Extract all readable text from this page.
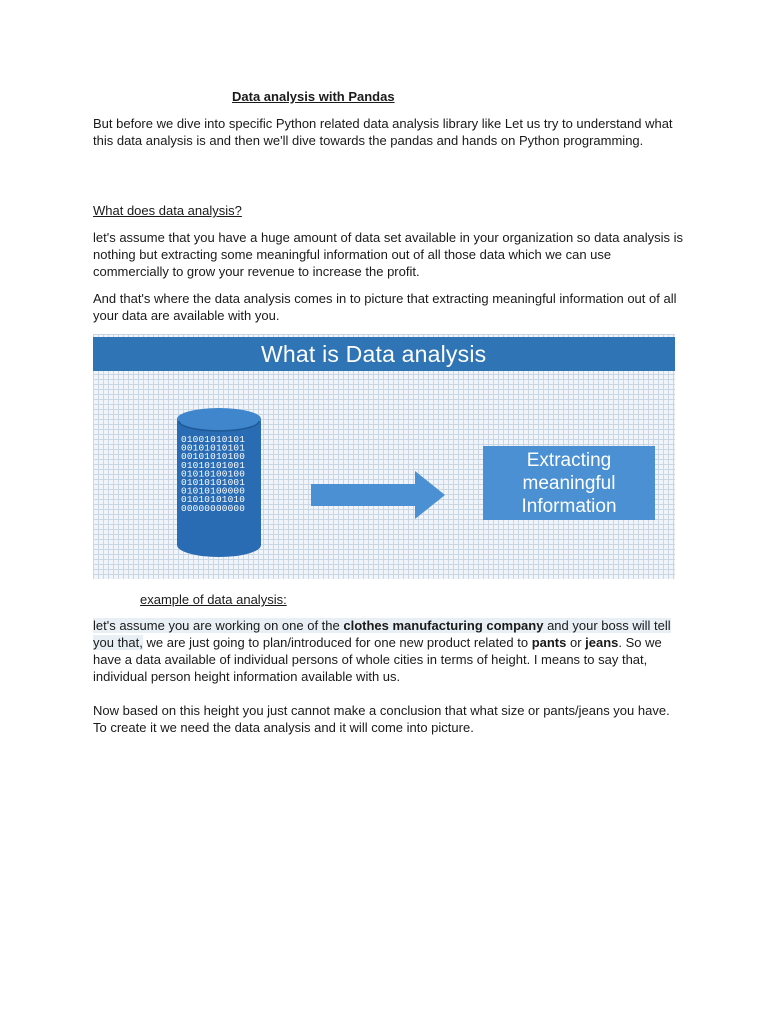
Data analysis with Pandas

But before we dive into specific Python related data analysis library like Let us try to understand what this data analysis is and then we'll dive towards the pandas and hands on Python programming.

What does data analysis?

let's assume that you have a huge amount of data set available in your organization so data analysis is nothing but extracting some meaningful information out of all those data which we can use commercially to grow your revenue to increase the profit.

And that's where the data analysis comes in to picture that extracting meaningful information out of all your data are available with you.

What is Data analysis
01001010101
00101010101
00101010100
01010101001
01010100100
01010101001
01010100000
01010101010
00000000000
Extracting
meaningful
Information

example of data analysis:

let's assume you are working on one of the clothes manufacturing company and your boss will tell you that, we are just going to plan/introduced for one new product related to pants or jeans. So we have a data available of individual persons of whole cities in terms of height. I means to say that, individual person height information available with us.

Now based on this height you just cannot make a conclusion that what size or pants/jeans you have. To create it we need the data analysis and it will come into picture.
